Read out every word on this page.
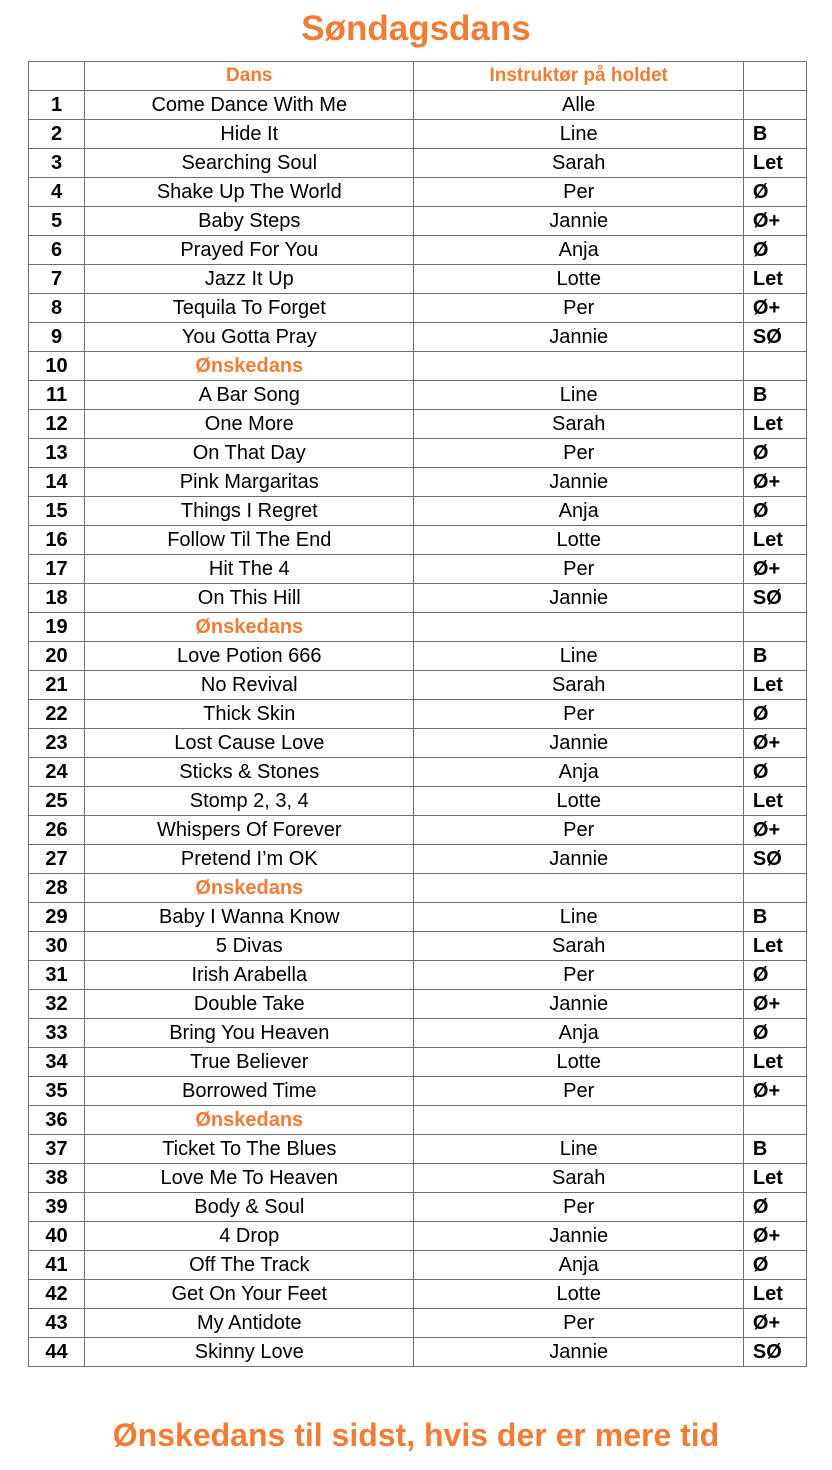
Søndagsdans
	Dans	Instruktør på holdet	
1	Come Dance With Me	Alle	
2	Hide It	Line	B
3	Searching Soul	Sarah	Let
4	Shake Up The World	Per	Ø
5	Baby Steps	Jannie	Ø+
6	Prayed For You	Anja	Ø
7	Jazz It Up	Lotte	Let
8	Tequila To Forget	Per	Ø+
9	You Gotta Pray	Jannie	SØ
10	Ønskedans		
11	A Bar Song	Line	B
12	One More	Sarah	Let
13	On That Day	Per	Ø
14	Pink Margaritas	Jannie	Ø+
15	Things I Regret	Anja	Ø
16	Follow Til The End	Lotte	Let
17	Hit The 4	Per	Ø+
18	On This Hill	Jannie	SØ
19	Ønskedans		
20	Love Potion 666	Line	B
21	No Revival	Sarah	Let
22	Thick Skin	Per	Ø
23	Lost Cause Love	Jannie	Ø+
24	Sticks & Stones	Anja	Ø
25	Stomp 2, 3, 4	Lotte	Let
26	Whispers Of Forever	Per	Ø+
27	Pretend I’m OK	Jannie	SØ
28	Ønskedans		
29	Baby I Wanna Know	Line	B
30	5 Divas	Sarah	Let
31	Irish Arabella	Per	Ø
32	Double Take	Jannie	Ø+
33	Bring You Heaven	Anja	Ø
34	True Believer	Lotte	Let
35	Borrowed Time	Per	Ø+
36	Ønskedans		
37	Ticket To The Blues	Line	B
38	Love Me To Heaven	Sarah	Let
39	Body & Soul	Per	Ø
40	4 Drop	Jannie	Ø+
41	Off The Track	Anja	Ø
42	Get On Your Feet	Lotte	Let
43	My Antidote	Per	Ø+
44	Skinny Love	Jannie	SØ
Ønskedans til sidst, hvis der er mere tid
